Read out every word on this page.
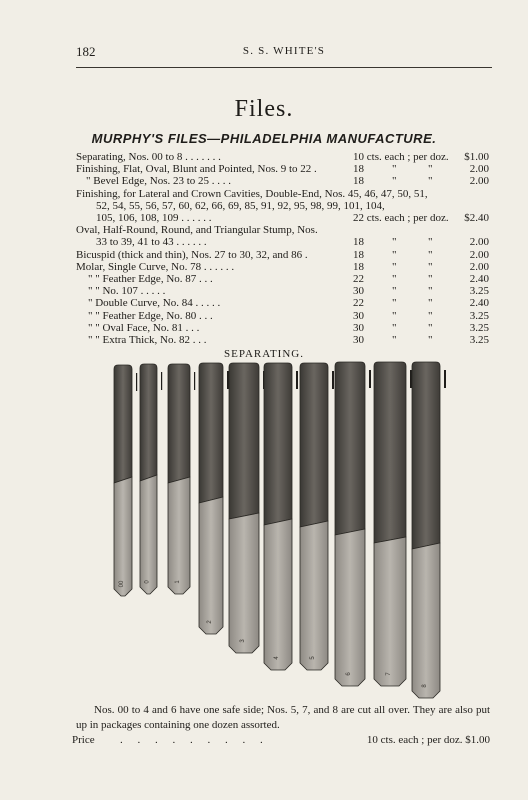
182	S. S. WHITE'S
Files.
MURPHY'S FILES—PHILADELPHIA MANUFACTURE.
Separating, Nos. 00 to 8 . . . . . . .	10 cts. each ; per doz. $1.00
Finishing, Flat, Oval, Blunt and Pointed, Nos. 9 to 22 .	18	"	"	2.00
" Bevel Edge, Nos. 23 to 25 . . . .	18	"	"	2.00
Finishing, for Lateral and Crown Cavities, Double-End, Nos. 45, 46, 47, 50, 51,
52, 54, 55, 56, 57, 60, 62, 66, 69, 85, 91, 92, 95, 98, 99, 101, 104,
105, 106, 108, 109 . . . . . .	22 cts. each ; per doz. $2.40
Oval, Half-Round, Round, and Triangular Stump, Nos.
33 to 39, 41 to 43 . . . . . .	18	"	"	2.00
Bicuspid (thick and thin), Nos. 27 to 30, 32, and 86 .	18	"	"	2.00
Molar, Single Curve, No. 78 . . . . . .	18	"	"	2.00
" " Feather Edge, No. 87 . . .	22	"	"	2.40
" " No. 107 . . . . .	30	"	"	3.25
" Double Curve, No. 84 . . . . .	22	"	"	2.40
" " Feather Edge, No. 80 . . .	30	"	"	3.25
" " Oval Face, No. 81 . . .	30	"	"	3.25
" " Extra Thick, No. 82 . . .	30	"	"	3.25
SEPARATING.
00	0	1
2
3
4	5
6	7
8
Nos. 00 to 4 and 6 have one safe side; Nos. 5, 7, and 8 are cut all over. They are also put up in packages containing one dozen assorted.
Price . . . . . . . . .	10 cts. each ; per doz. $1.00
